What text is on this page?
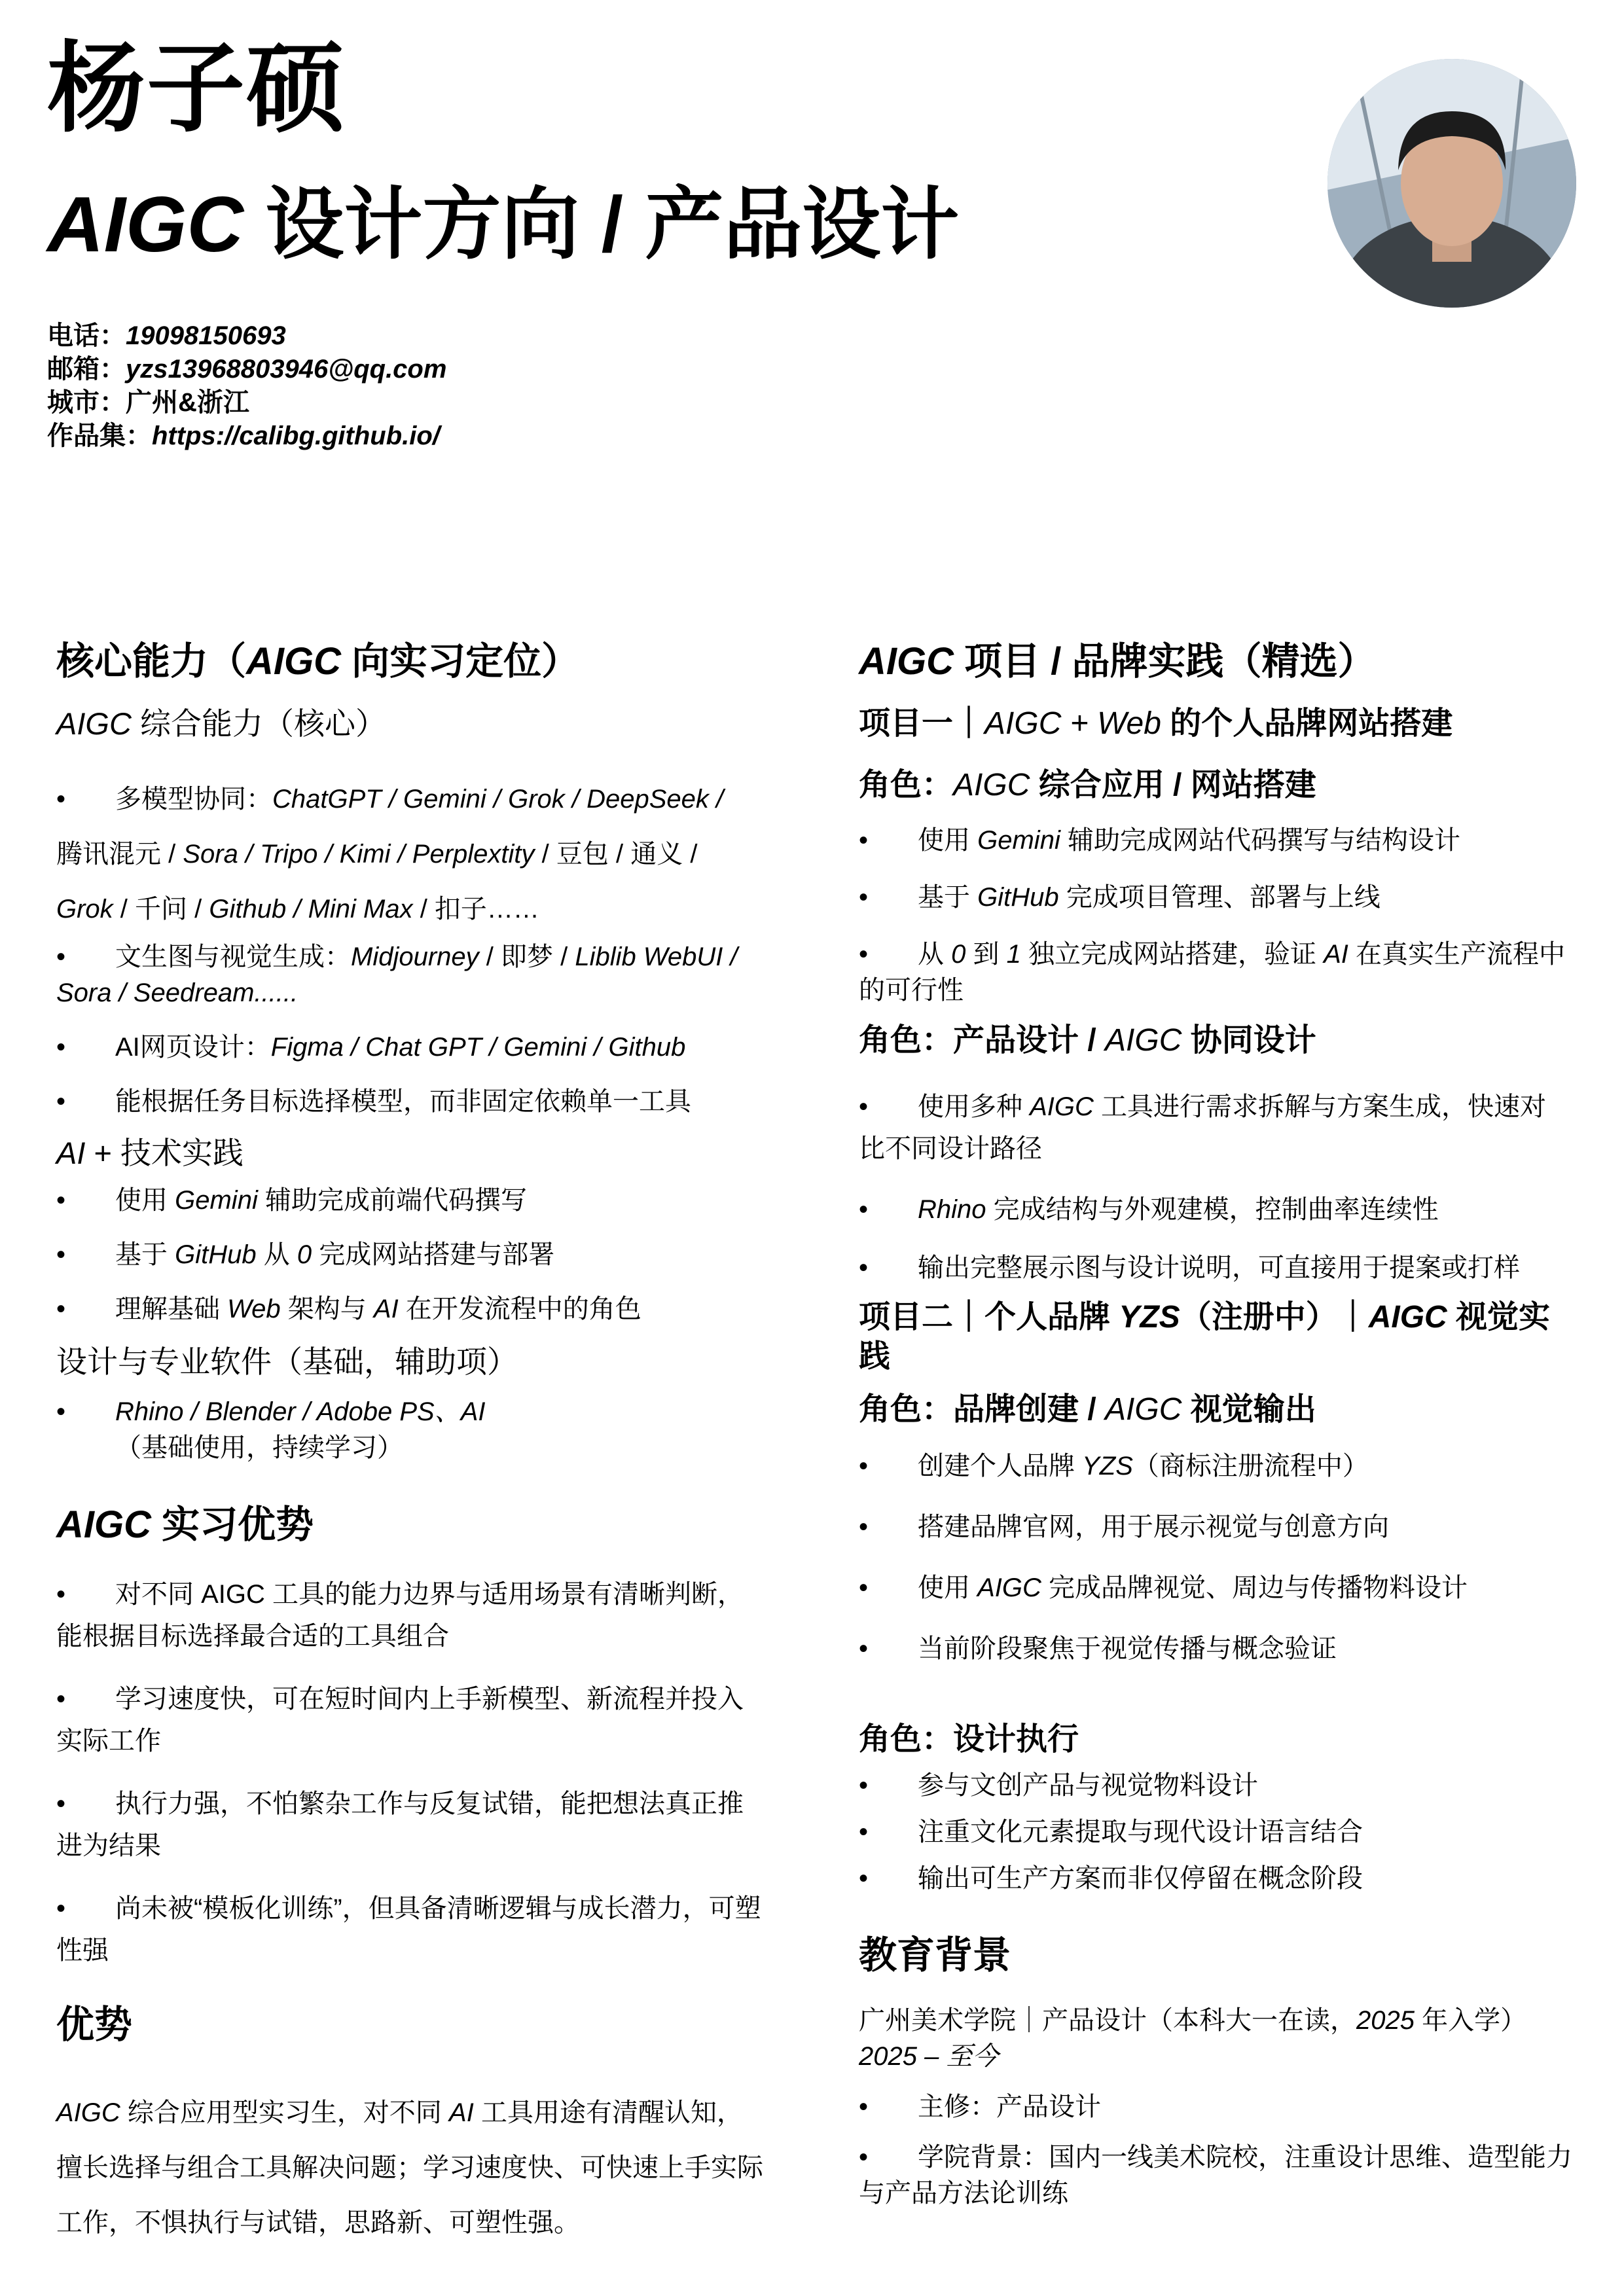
杨子硕
AIGC 设计方向 / 产品设计
电话：19098150693
邮箱：yzs13968803946@qq.com
城市：广州&浙江
作品集：https://calibg.github.io/
核心能力（AIGC 向实习定位）
AIGC 综合能力（核心）
• 多模型协同：ChatGPT / Gemini / Grok / DeepSeek /
腾讯混元 / Sora / Tripo / Kimi / Perplextity / 豆包 / 通义 /
Grok / 千问 / Github / Mini Max / 扣子……
• 文生图与视觉生成：Midjourney / 即梦 / Liblib WebUI /
Sora / Seedream......
• AI网页设计：Figma / Chat GPT / Gemini / Github
• 能根据任务目标选择模型，而非固定依赖单一工具
AI + 技术实践
• 使用 Gemini 辅助完成前端代码撰写
• 基于 GitHub 从 0 完成网站搭建与部署
• 理解基础 Web 架构与 AI 在开发流程中的角色
设计与专业软件（基础，辅助项）
• Rhino / Blender / Adobe PS、AI（基础使用，持续学习）
AIGC 实习优势
• 对不同 AIGC 工具的能力边界与适用场景有清晰判断，能根据目标选择最合适的工具组合
• 学习速度快，可在短时间内上手新模型、新流程并投入实际工作
• 执行力强，不怕繁杂工作与反复试错，能把想法真正推进为结果
• 尚未被“模板化训练”，但具备清晰逻辑与成长潜力，可塑性强
优势
AIGC 综合应用型实习生，对不同 AI 工具用途有清醒认知，擅长选择与组合工具解决问题；学习速度快、可快速上手实际工作，不惧执行与试错，思路新、可塑性强。
AIGC 项目 / 品牌实践（精选）
项目一｜AIGC + Web 的个人品牌网站搭建
角色：AIGC 综合应用 / 网站搭建
• 使用 Gemini 辅助完成网站代码撰写与结构设计
• 基于 GitHub 完成项目管理、部署与上线
• 从 0 到 1 独立完成网站搭建，验证 AI 在真实生产流程中的可行性
角色：产品设计 / AIGC 协同设计
• 使用多种 AIGC 工具进行需求拆解与方案生成，快速对比不同设计路径
• Rhino 完成结构与外观建模，控制曲率连续性
• 输出完整展示图与设计说明，可直接用于提案或打样
项目二｜个人品牌 YZS（注册中）｜AIGC 视觉实践
角色：品牌创建 / AIGC 视觉输出
• 创建个人品牌 YZS（商标注册流程中）
• 搭建品牌官网，用于展示视觉与创意方向
• 使用 AIGC 完成品牌视觉、周边与传播物料设计
• 当前阶段聚焦于视觉传播与概念验证
角色：设计执行
• 参与文创产品与视觉物料设计
• 注重文化元素提取与现代设计语言结合
• 输出可生产方案而非仅停留在概念阶段
教育背景
广州美术学院｜产品设计（本科大一在读，2025 年入学）
2025 – 至今
• 主修：产品设计
• 学院背景：国内一线美术院校，注重设计思维、造型能力与产品方法论训练
